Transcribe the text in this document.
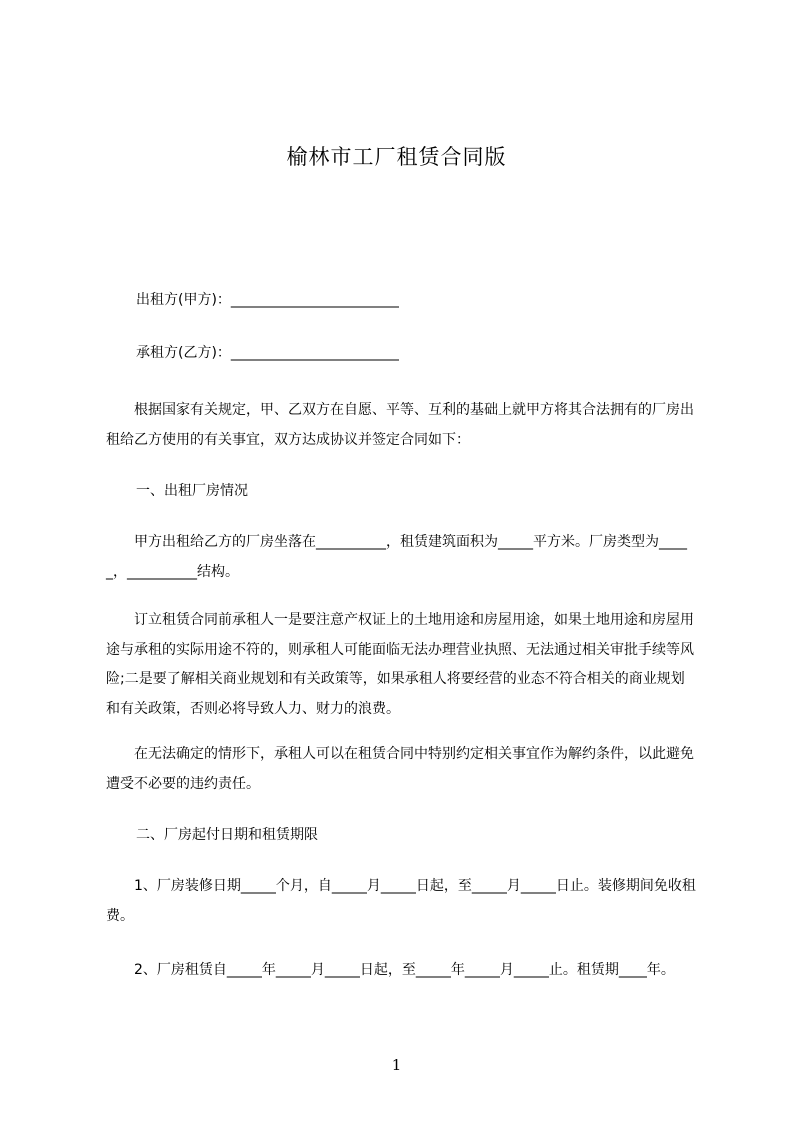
榆林市工厂租赁合同版
出租方(甲方)：________________________
承租方(乙方)：________________________
根据国家有关规定，甲、乙双方在自愿、平等、互利的基础上就甲方将其合法拥有的厂房出租给乙方使用的有关事宜，双方达成协议并签定合同如下：
一、出租厂房情况
甲方出租给乙方的厂房坐落在__________，租赁建筑面积为_____平方米。厂房类型为_____，__________结构。
订立租赁合同前承租人一是要注意产权证上的土地用途和房屋用途，如果土地用途和房屋用途与承租的实际用途不符的，则承租人可能面临无法办理营业执照、无法通过相关审批手续等风险;二是要了解相关商业规划和有关政策等，如果承租人将要经营的业态不符合相关的商业规划和有关政策，否则必将导致人力、财力的浪费。
在无法确定的情形下，承租人可以在租赁合同中特别约定相关事宜作为解约条件，以此避免遭受不必要的违约责任。
二、厂房起付日期和租赁期限
1、厂房装修日期_____个月，自_____月_____日起，至_____月_____日止。装修期间免收租费。
2、厂房租赁自_____年_____月_____日起，至_____年_____月_____止。租赁期____年。
1
